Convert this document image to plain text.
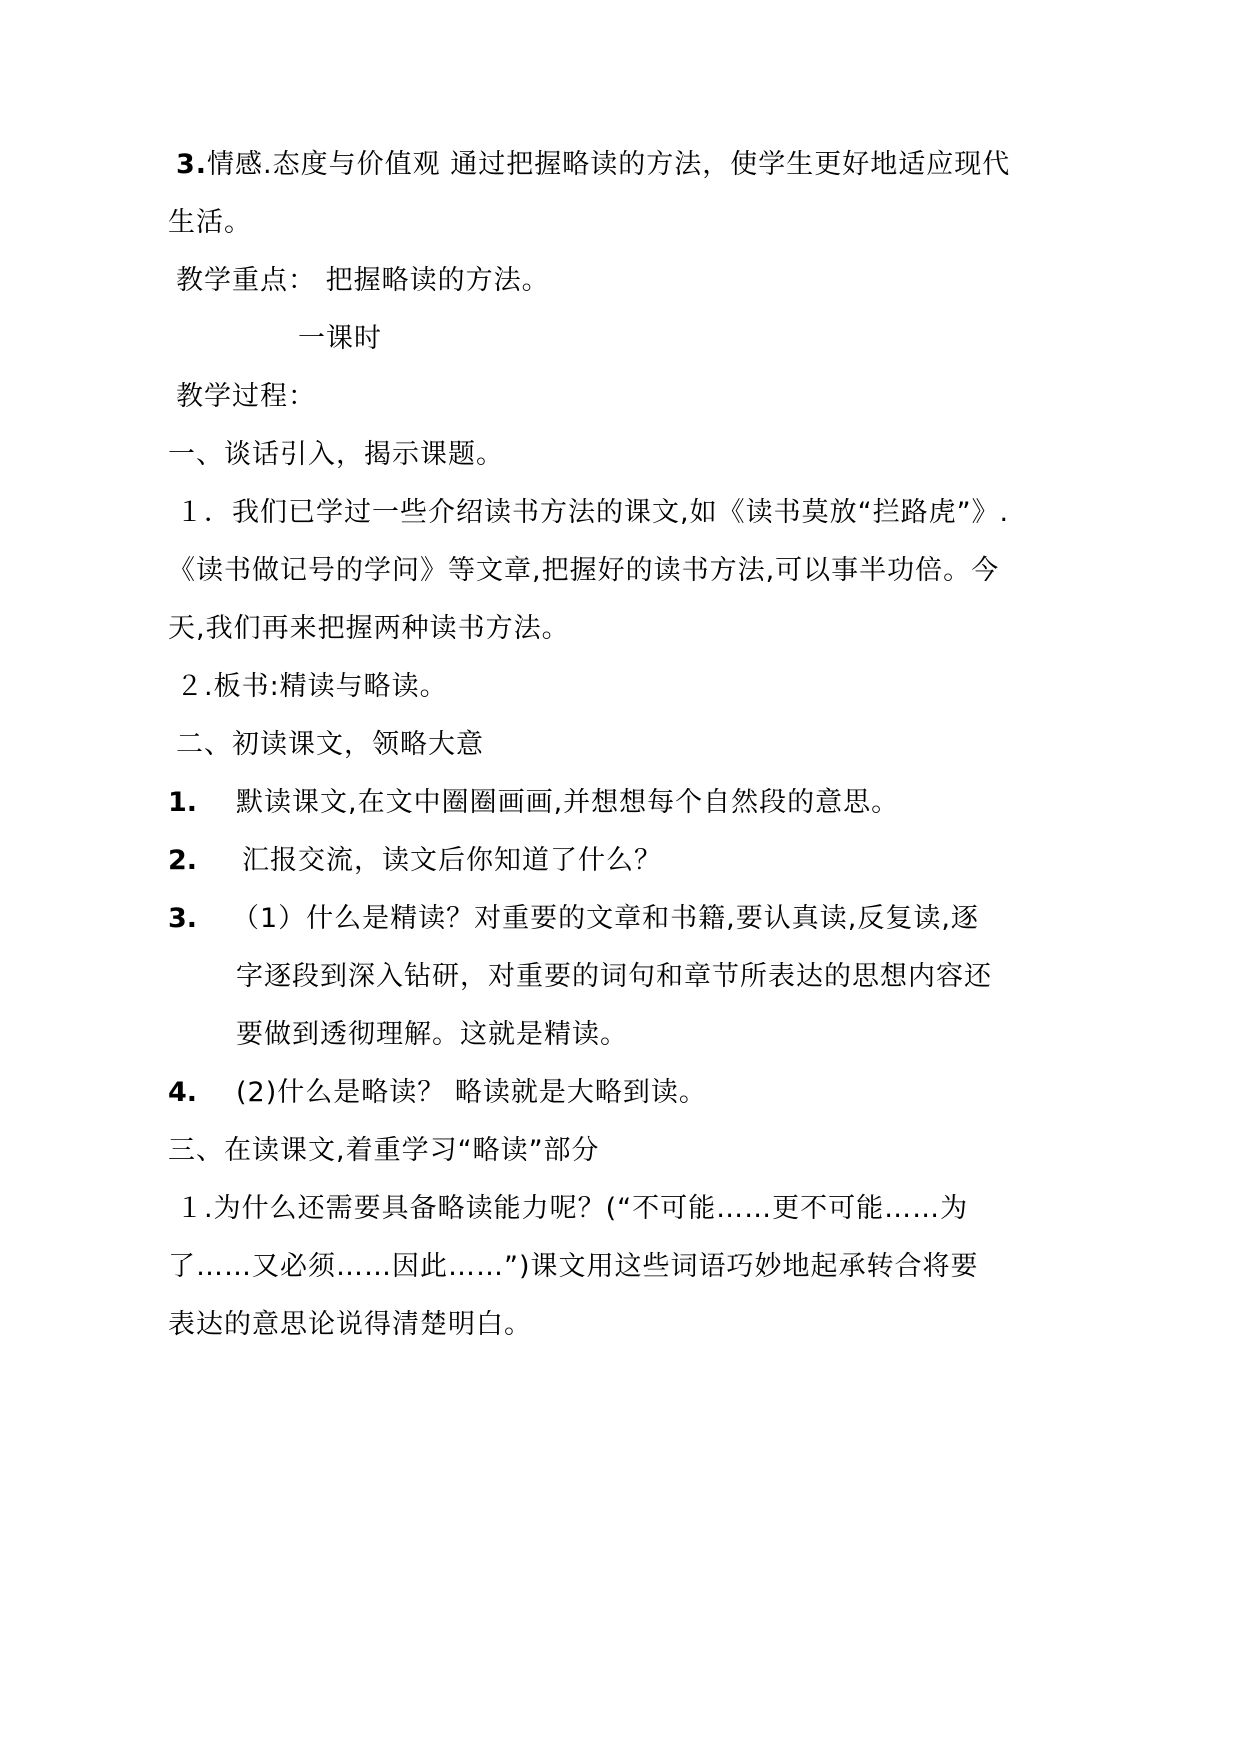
3.情感.态度与价值观 通过把握略读的方法，使学生更好地适应现代
生活。
教学重点： 把握略读的方法。
一课时
教学过程：
一、谈话引入，揭示课题。
１．我们已学过一些介绍读书方法的课文,如《读书莫放“拦路虎”》.
《读书做记号的学问》等文章,把握好的读书方法,可以事半功倍。今
天,我们再来把握两种读书方法。
２.板书:精读与略读。
二、初读课文，领略大意
1. 默读课文,在文中圈圈画画,并想想每个自然段的意思。
2. 汇报交流，读文后你知道了什么？
3. （1）什么是精读？对重要的文章和书籍,要认真读,反复读,逐
字逐段到深入钻研，对重要的词句和章节所表达的思想内容还
要做到透彻理解。这就是精读。
4. (2)什么是略读？ 略读就是大略到读。
三、在读课文,着重学习“略读”部分
１.为什么还需要具备略读能力呢？(“不可能……更不可能……为
了……又必须……因此……”)课文用这些词语巧妙地起承转合将要
表达的意思论说得清楚明白。
